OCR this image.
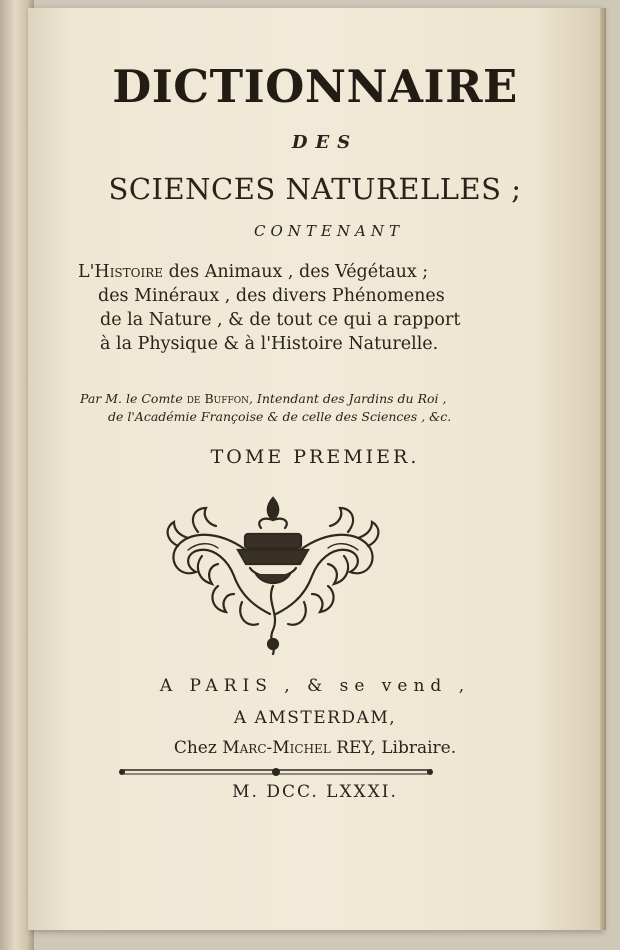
DICTIONNAIRE
DES
SCIENCES NATURELLES ;
CONTENANT
L'Histoire des Animaux , des Végétaux ;
des Minéraux , des divers Phénomenes
de la Nature , & de tout ce qui a rapport
à la Physique & à l'Histoire Naturelle.
Par M. le Comte de Buffon, Intendant des Jardins du Roi ,
de l'Académie Françoise & de celle des Sciences , &c.
TOME PREMIER.
A PARIS , & se vend ,
A AMSTERDAM,
Chez Marc-Michel REY, Libraire.
M. DCC. LXXXI.
